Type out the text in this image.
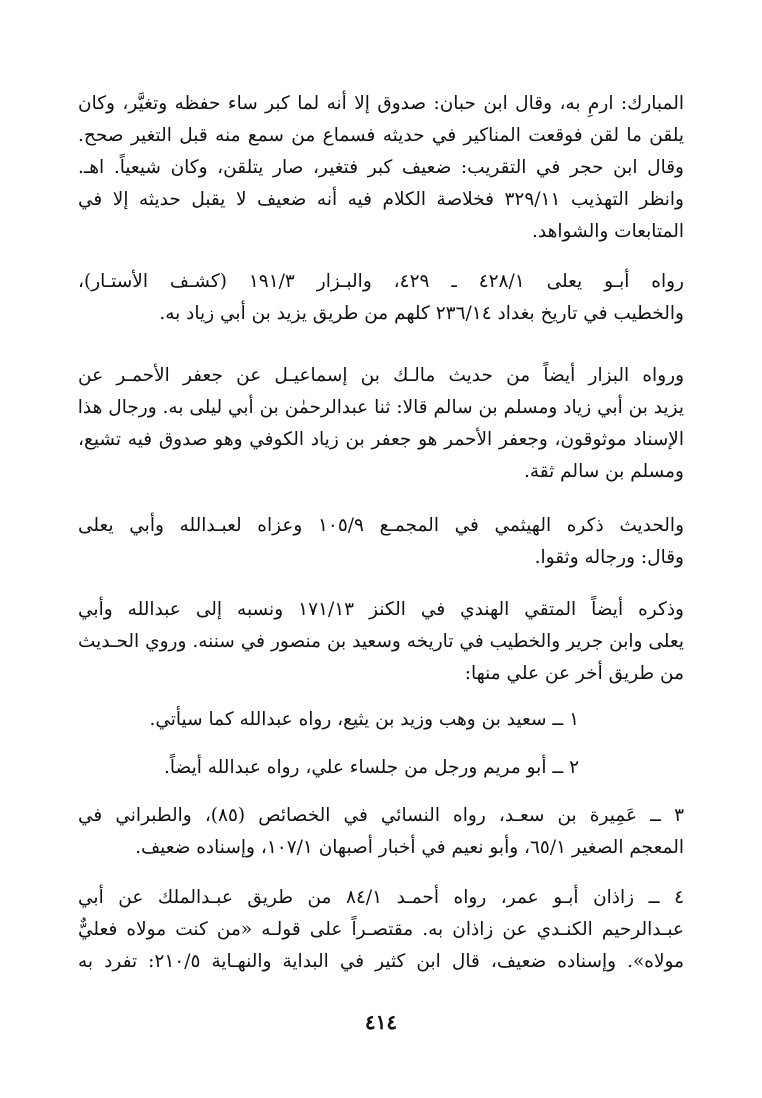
المبارك: ارمِ به، وقال ابن حبان: صدوق إلا أنه لما كبر ساء حفظه وتغيَّر، وكان
يلقن ما لقن فوقعت المناكير في حديثه فسماع من سمع منه قبل التغير صحح.
وقال ابن حجر في التقريب: ضعيف كبر فتغير، صار يتلقن، وكان شيعياً. اهـ.
وانظر التهذيب ٣٢٩/١١ فخلاصة الكلام فيه أنه ضعيف لا يقبل حديثه إلا في
المتابعات والشواهد.
رواه أبـو يعلى ٤٢٨/١ ـ ٤٢٩، والبـزار ١٩١/٣ (كشـف الأستـار)،
والخطيب في تاريخ بغداد ٢٣٦/١٤ كلهم من طريق يزيد بن أبي زياد به.
ورواه البزار أيضاً من حديث مالـك بن إسماعيـل عن جعفر الأحمـر عن
يزيد بن أبي زياد ومسلم بن سالم قالا: ثنا عبدالرحمٰن بن أبي ليلى به. ورجال هذا
الإسناد موثوقون، وجعفر الأحمر هو جعفر بن زياد الكوفي وهو صدوق فيه تشيع،
ومسلم بن سالم ثقة.
والحديث ذكره الهيثمي في المجمـع ١٠٥/٩ وعزاه لعبـدالله وأبي يعلى
وقال: ورجاله وثقوا.
وذكره أيضاً المتقي الهندي في الكنز ١٧١/١٣ ونسبه إلى عبدالله وأبي
يعلى وابن جرير والخطيب في تاريخه وسعيد بن منصور في سننه. وروي الحـديث
من طريق أخر عن علي منها:
١ ــ سعيد بن وهب وزيد بن يثيع، رواه عبدالله كما سيأتي.
٢ ــ أبو مريم ورجل من جلساء علي، رواه عبدالله أيضاً.
٣ ــ عَمِيرة بن سعـد، رواه النسائي في الخصائص (٨٥)، والطبراني في
المعجم الصغير ٦٥/١، وأبو نعيم في أخبار أصبهان ١٠٧/١، وإسناده ضعيف.
٤ ــ زاذان أبـو عمر، رواه أحمـد ٨٤/١ من طريق عبـدالملك عن أبي
عبـدالرحيم الكنـدي عن زاذان به. مقتصـراً على قولـه «من كنت مولاه فعليٌّ
مولاه». وإسناده ضعيف، قال ابن كثير في البداية والنهـاية ٢١٠/٥: تفرد به
٤١٤
